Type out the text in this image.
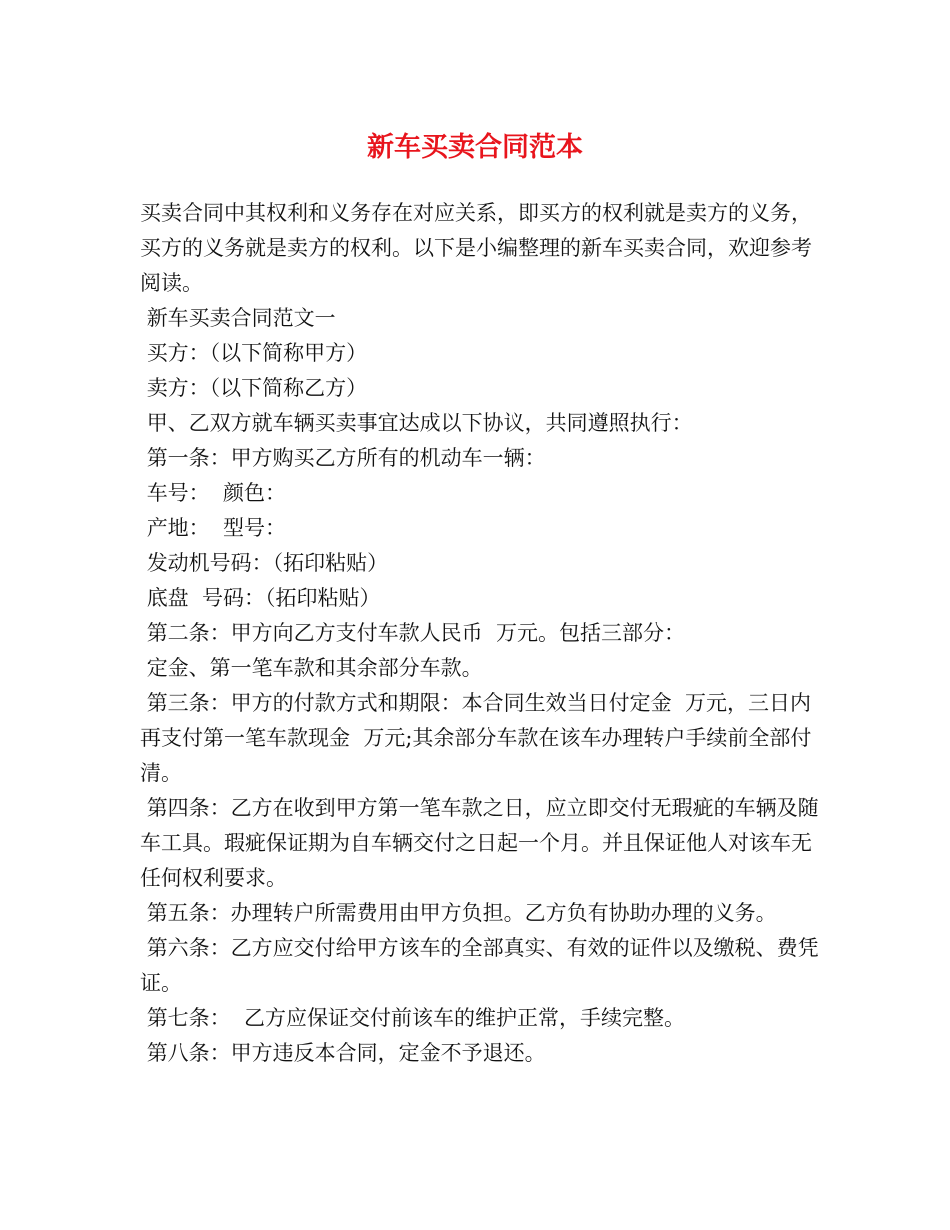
新车买卖合同范本

买卖合同中其权利和义务存在对应关系，即买方的权利就是卖方的义务，买方的义务就是卖方的权利。以下是小编整理的新车买卖合同，欢迎参考阅读。

新车买卖合同范文一

买方：（以下简称甲方）

卖方：（以下简称乙方）

甲、乙双方就车辆买卖事宜达成以下协议，共同遵照执行：

第一条：甲方购买乙方所有的机动车一辆：

车号：  颜色：

产地：  型号：

发动机号码：（拓印粘贴）

底盘  号码：（拓印粘贴）

第二条：甲方向乙方支付车款人民币  万元。包括三部分：

定金、第一笔车款和其余部分车款。

第三条：甲方的付款方式和期限：本合同生效当日付定金  万元，三日内再支付第一笔车款现金  万元;其余部分车款在该车办理转户手续前全部付清。

第四条：乙方在收到甲方第一笔车款之日，应立即交付无瑕疵的车辆及随车工具。瑕疵保证期为自车辆交付之日起一个月。并且保证他人对该车无任何权利要求。

第五条：办理转户所需费用由甲方负担。乙方负有协助办理的义务。

第六条：乙方应交付给甲方该车的全部真实、有效的证件以及缴税、费凭证。

第七条：  乙方应保证交付前该车的维护正常，手续完整。

第八条：甲方违反本合同，定金不予退还。
